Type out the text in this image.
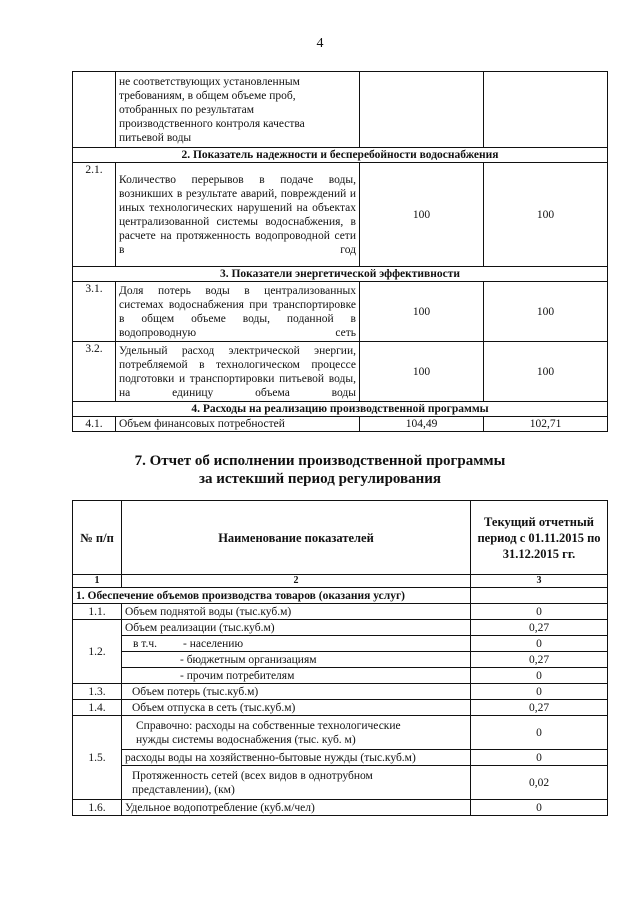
4
	не соответствующих установленным требованиям, в общем объеме проб, отобранных по результатам производственного контроля качества питьевой воды		
2. Показатель надежности и бесперебойности водоснабжения			
2.1.	Количество перерывов в подаче воды, возникших в результате аварий, повреждений и иных технологических нарушений на объектах централизованной системы водоснабжения, в расчете на протяженность водопроводной сети в год	100	100
3. Показатели энергетической эффективности			
3.1.	Доля потерь воды в централизованных системах водоснабжения при транспортировке в общем объеме воды, поданной в водопроводную сеть	100	100
3.2.	Удельный расход электрической энергии, потребляемой в технологическом процессе подготовки и транспортировки питьевой воды, на единицу объема воды	100	100
4. Расходы на реализацию производственной программы			
4.1.	Объем финансовых потребностей	104,49	102,71
7. Отчет об исполнении производственной программы
за истекший период регулирования
№ п/п	Наименование показателей	Текущий отчетный период с 01.11.2015 по 31.12.2015 гг.
1	2	3
1. Обеспечение объемов производства товаров (оказания услуг)		
1.1.	Объем поднятой воды (тыс.куб.м)	0
1.2.	Объем реализации (тыс.куб.м)	0,27
	в т.ч. - населению	0
	- бюджетным организациям	0,27
	- прочим потребителям	0
1.3.	Объем потерь (тыс.куб.м)	0
1.4.	Объем отпуска в сеть (тыс.куб.м)	0,27
1.5.	Справочно: расходы на собственные технологические нужды системы водоснабжения (тыс. куб. м)	0
	расходы воды на хозяйственно-бытовые нужды (тыс.куб.м)	0
	Протяженность сетей (всех видов в однотрубном представлении), (км)	0,02
1.6.	Удельное водопотребление (куб.м/чел)	0
